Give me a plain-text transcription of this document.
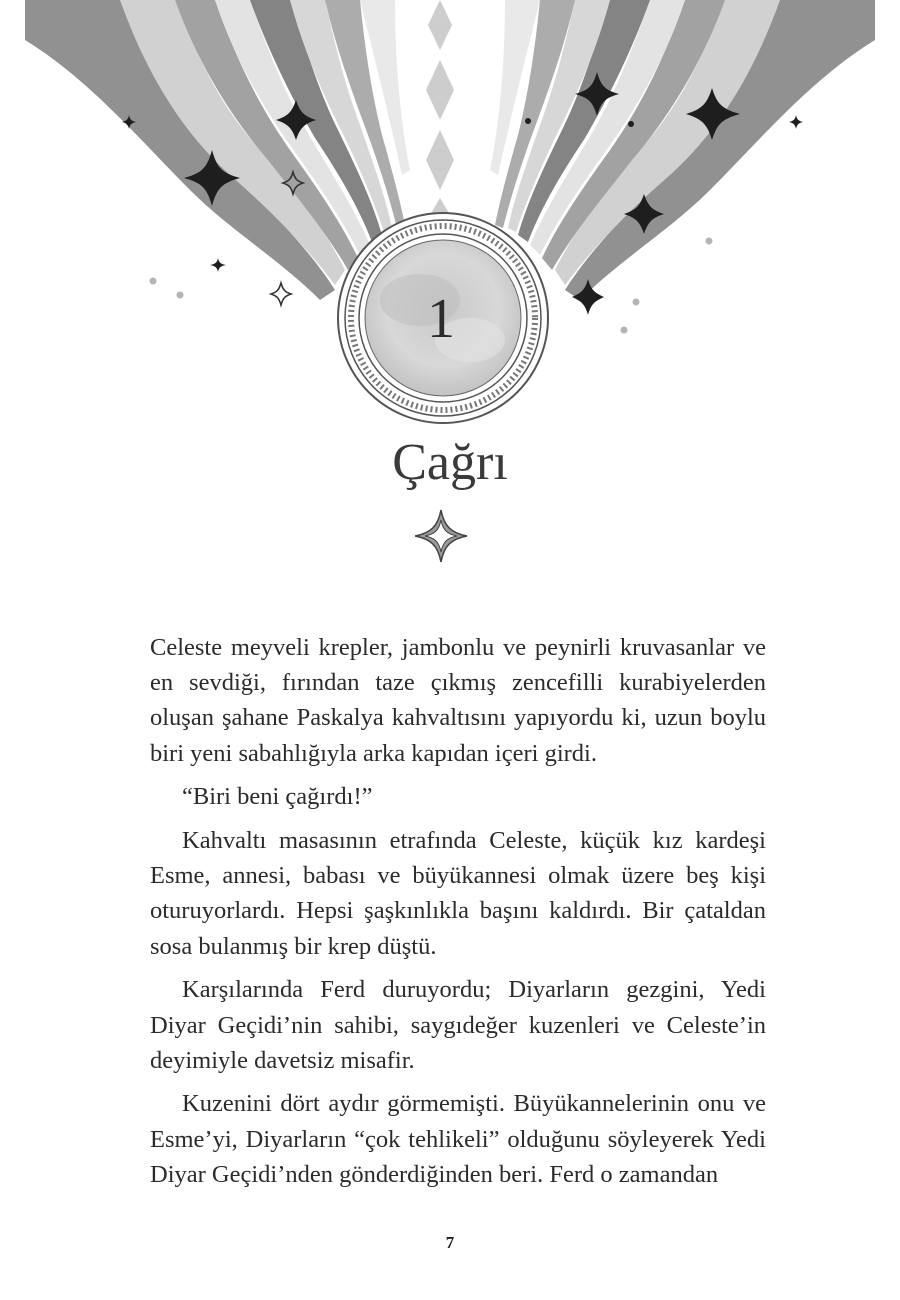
1
Çağrı

Celeste meyveli krepler, jambonlu ve peynirli kruvasanlar ve en sevdiği, fırından taze çıkmış zencefilli kurabiyelerden oluşan şahane Paskalya kahvaltısını yapıyordu ki, uzun boylu biri yeni sabahlığıyla arka kapıdan içeri girdi.

“Biri beni çağırdı!”

Kahvaltı masasının etrafında Celeste, küçük kız kardeşi Esme, annesi, babası ve büyükannesi olmak üzere beş kişi oturuyorlardı. Hepsi şaşkınlıkla başını kaldırdı. Bir çataldan sosa bulanmış bir krep düştü.

Karşılarında Ferd duruyordu; Diyarların gezgini, Yedi Diyar Geçidi’nin sahibi, saygıdeğer kuzenleri ve Celeste’in deyimiyle davetsiz misafir.

Kuzenini dört aydır görmemişti. Büyükannelerinin onu ve Esme’yi, Diyarların “çok tehlikeli” olduğunu söyleyerek Yedi Diyar Geçidi’nden gönderdiğinden beri. Ferd o zamandan

7
